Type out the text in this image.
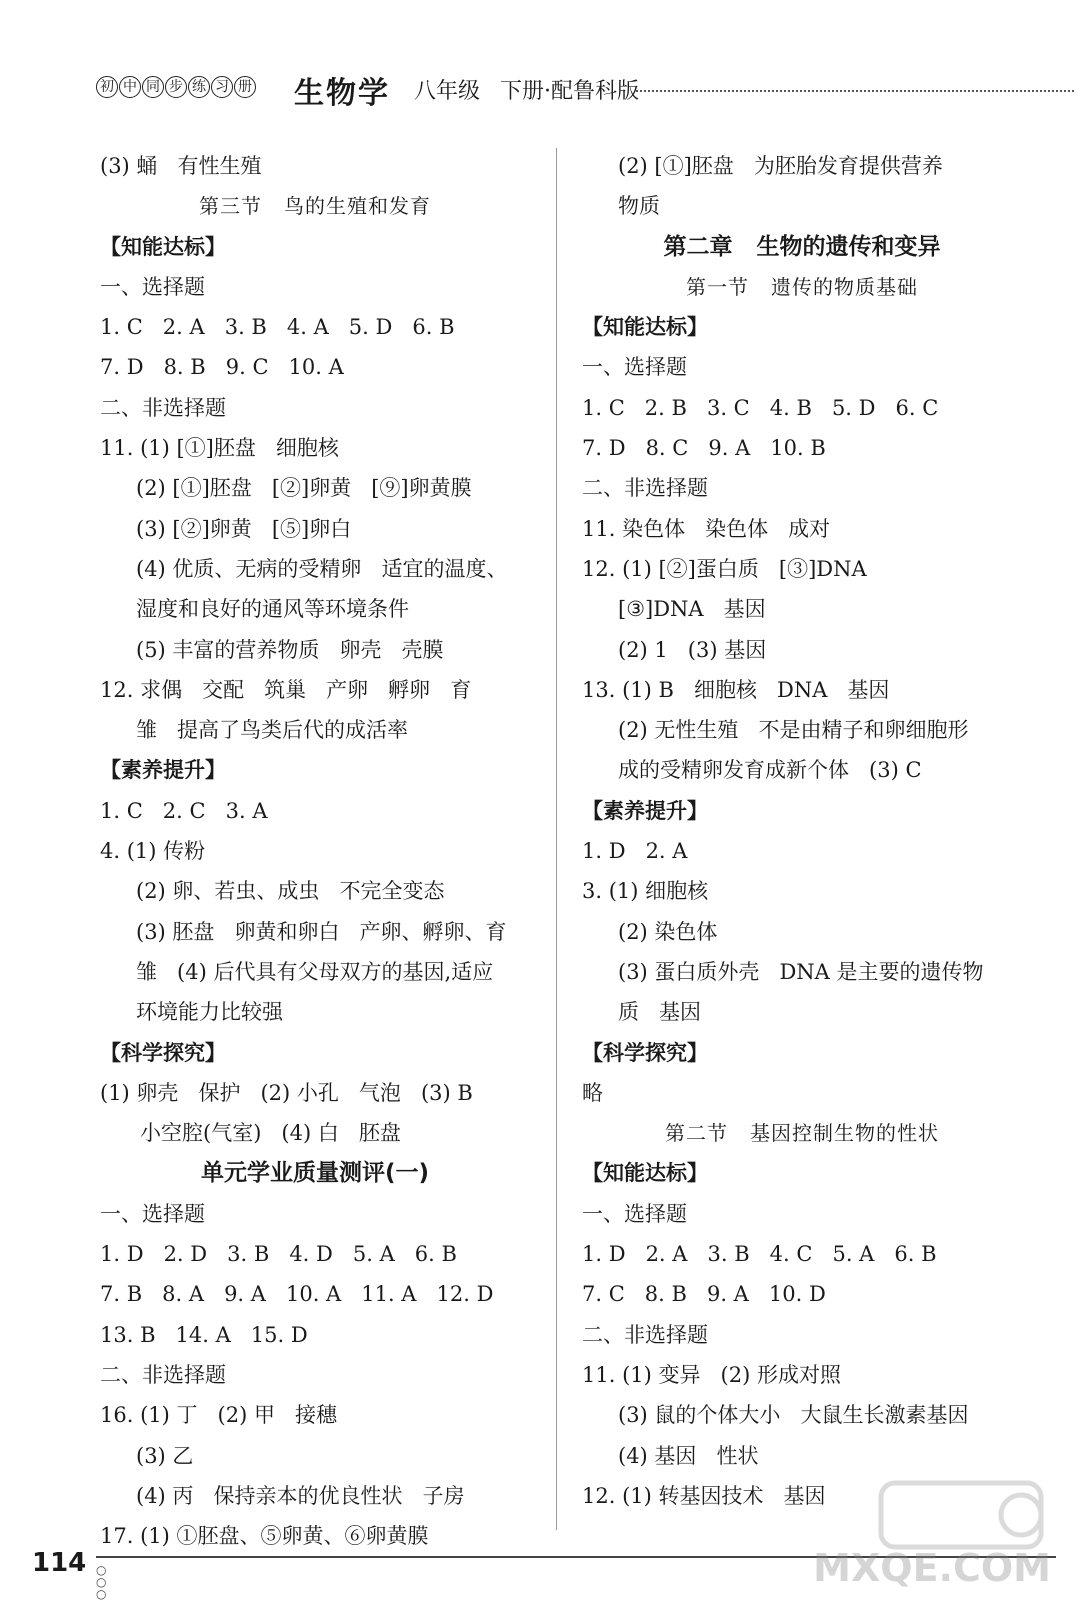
初 中 同 步 练 习 册 生物学 八年级 下册·配鲁科版
(3) 蛹   有性生殖
第三节   鸟的生殖和发育
【知能达标】
一、选择题
1. C   2. A   3. B   4. A   5. D   6. B
7. D   8. B   9. C   10. A
二、非选择题
11. (1) [①]胚盘   细胞核
(2) [①]胚盘   [②]卵黄   [⑨]卵黄膜
(3) [②]卵黄   [⑤]卵白
(4) 优质、无病的受精卵   适宜的温度、
湿度和良好的通风等环境条件
(5) 丰富的营养物质   卵壳   壳膜
12. 求偶   交配   筑巢   产卵   孵卵   育
雏   提高了鸟类后代的成活率
【素养提升】
1. C   2. C   3. A
4. (1) 传粉
(2) 卵、若虫、成虫   不完全变态
(3) 胚盘   卵黄和卵白   产卵、孵卵、育
雏   (4) 后代具有父母双方的基因,适应
环境能力比较强
【科学探究】
(1) 卵壳   保护   (2) 小孔   气泡   (3) B
小空腔(气室)   (4) 白   胚盘
单元学业质量测评(一)
一、选择题
1. D   2. D   3. B   4. D   5. A   6. B
7. B   8. A   9. A   10. A   11. A   12. D
13. B   14. A   15. D
二、非选择题
16. (1) 丁   (2) 甲   接穗
(3) 乙
(4) 丙   保持亲本的优良性状   子房
17. (1) ①胚盘、⑤卵黄、⑥卵黄膜
(2) [①]胚盘   为胚胎发育提供营养
物质
第二章   生物的遗传和变异
第一节   遗传的物质基础
【知能达标】
一、选择题
1. C   2. B   3. C   4. B   5. D   6. C
7. D   8. C   9. A   10. B
二、非选择题
11. 染色体   染色体   成对
12. (1) [②]蛋白质   [③]DNA
[③]DNA   基因
(2) 1   (3) 基因
13. (1) B   细胞核   DNA   基因
(2) 无性生殖   不是由精子和卵细胞形
成的受精卵发育成新个体   (3) C
【素养提升】
1. D   2. A
3. (1) 细胞核
(2) 染色体
(3) 蛋白质外壳   DNA 是主要的遗传物
质   基因
【科学探究】
略
第二节   基因控制生物的性状
【知能达标】
一、选择题
1. D   2. A   3. B   4. C   5. A   6. B
7. C   8. B   9. A   10. D
二、非选择题
11. (1) 变异   (2) 形成对照
(3) 鼠的个体大小   大鼠生长激素基因
(4) 基因   性状
12. (1) 转基因技术   基因
114 ○
○
○
MXQE.COM
